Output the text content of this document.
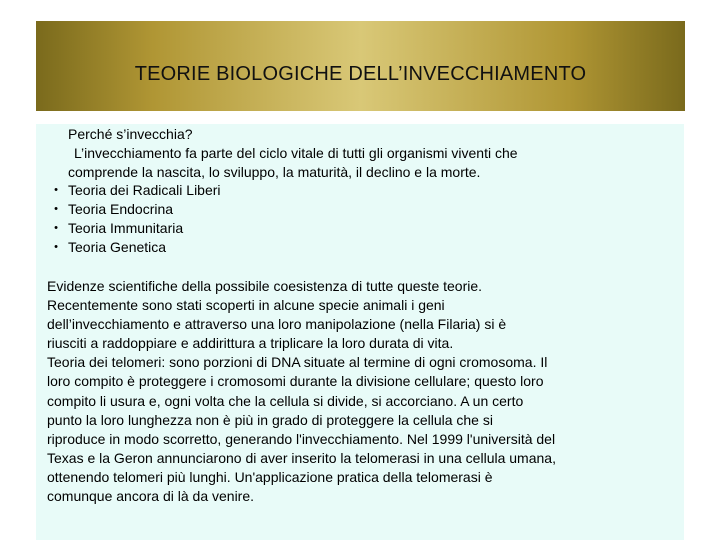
TEORIE BIOLOGICHE DELL’INVECCHIAMENTO
Perché s’invecchia?
L’invecchiamento fa parte del ciclo vitale di tutti gli organismi viventi che
comprende la nascita, lo sviluppo, la maturità, il declino e la morte.
• Teoria dei Radicali Liberi
• Teoria Endocrina
• Teoria Immunitaria
• Teoria Genetica
Evidenze scientifiche della possibile coesistenza di tutte queste teorie.
Recentemente sono stati scoperti in alcune specie animali i geni
dell’invecchiamento e attraverso una loro manipolazione (nella Filaria) si è
riusciti a raddoppiare e addirittura a triplicare la loro durata di vita.
Teoria dei telomeri: sono porzioni di DNA situate al termine di ogni cromosoma. Il
loro compito è proteggere i cromosomi durante la divisione cellulare; questo loro
compito li usura e, ogni volta che la cellula si divide, si accorciano. A un certo
punto la loro lunghezza non è più in grado di proteggere la cellula che si
riproduce in modo scorretto, generando l'invecchiamento. Nel 1999 l'università del
Texas e la Geron annunciarono di aver inserito la telomerasi in una cellula umana,
ottenendo telomeri più lunghi. Un'applicazione pratica della telomerasi è
comunque ancora di là da venire.
